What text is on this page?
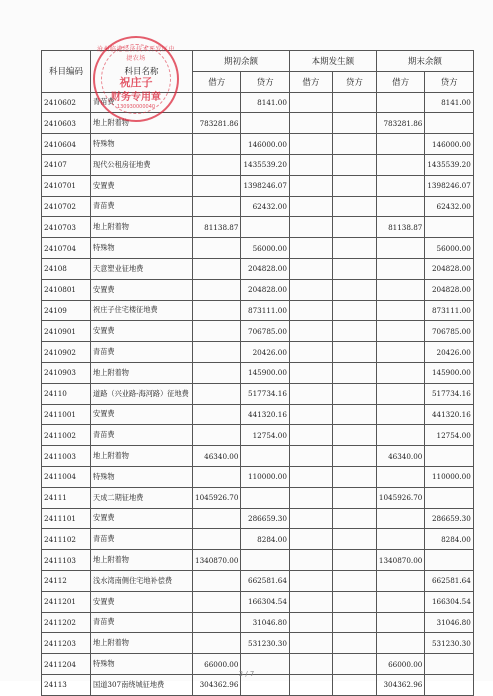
科目编码	科目名称	期初余额		本期发生额		期末余额	
		借方	贷方	借方	贷方	借方	贷方
2410602	青苗费		8141.00				8141.00
2410603	地上附着物	783281.86				783281.86	
2410604	特殊物		146000.00				146000.00
24107	现代公租房征地费		1435539.20				1435539.20
2410701	安置费		1398246.07				1398246.07
2410702	青苗费		62432.00				62432.00
2410703	地上附着物	81138.87				81138.87	
2410704	特殊物		56000.00				56000.00
24108	天意塑业征地费		204828.00				204828.00
2410801	安置费		204828.00				204828.00
24109	祝庄子住宅楼征地费		873111.00				873111.00
2410901	安置费		706785.00				706785.00
2410902	青苗费		20426.00				20426.00
2410903	地上附着物		145900.00				145900.00
24110	道路（兴业路-海河路）征地费		517734.16				517734.16
2411001	安置费		441320.16				441320.16
2411002	青苗费		12754.00				12754.00
2411003	地上附着物	46340.00				46340.00	
2411004	特殊物		110000.00				110000.00
24111	天成二期征地费	1045926.70				1045926.70	
2411101	安置费		286659.30				286659.30
2411102	青苗费		8284.00				8284.00
2411103	地上附着物	1340870.00				1340870.00	
24112	浅水湾南侧住宅地补偿费		662581.64				662581.64
2411201	安置费		166304.54				166304.54
2411202	青苗费		31046.80				31046.80
2411203	地上附着物		531230.30				531230.30
2411204	特殊物	66000.00				66000.00	
24113	国道307南绕城征地费	304362.96				304362.96	
沧州临港经济技术开发区中捷农场
祝庄子
财务专用章
130930000040
3 / 7
